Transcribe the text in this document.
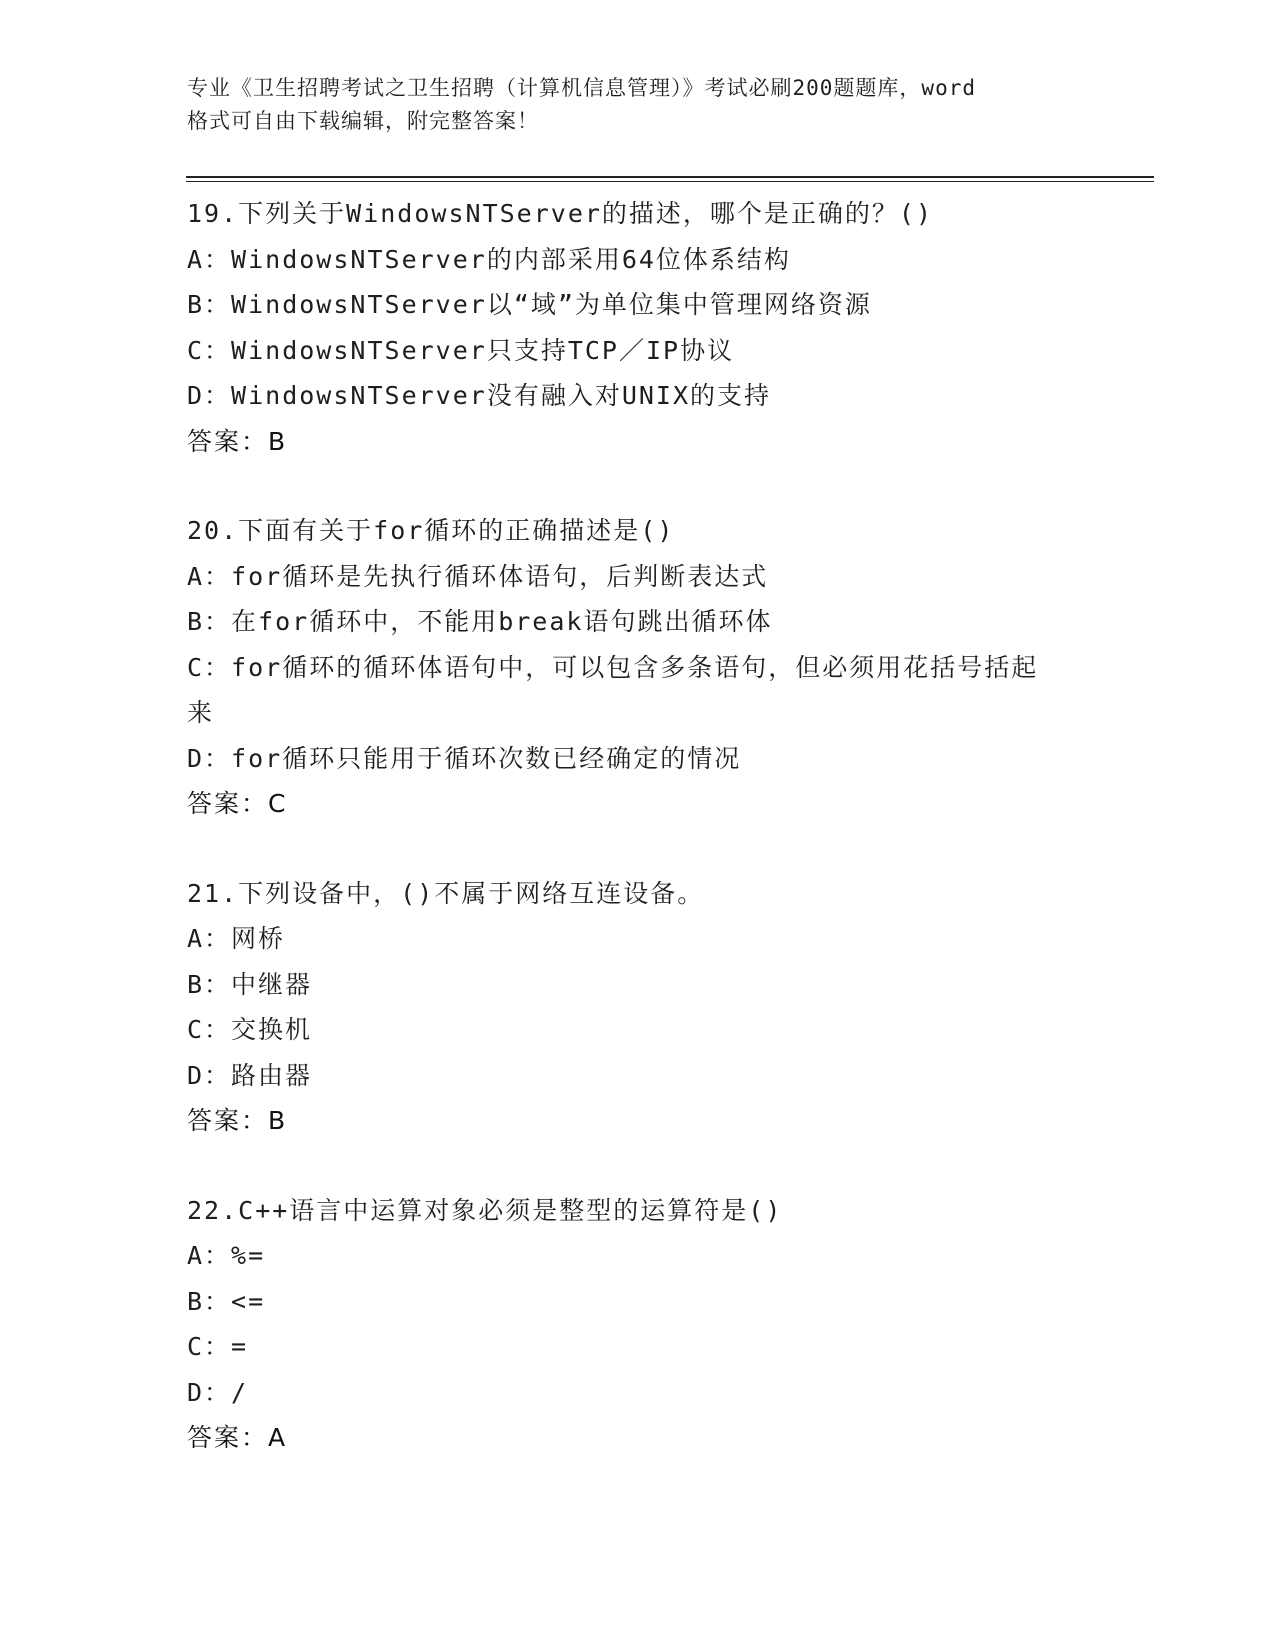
专业《卫生招聘考试之卫生招聘（计算机信息管理）》考试必刷200题题库，word
格式可自由下载编辑，附完整答案！
19.下列关于WindowsNTServer的描述，哪个是正确的？()
A：WindowsNTServer的内部采用64位体系结构
B：WindowsNTServer以“域”为单位集中管理网络资源
C：WindowsNTServer只支持TCP／IP协议
D：WindowsNTServer没有融入对UNIX的支持
答案：B
20.下面有关于for循环的正确描述是()
A：for循环是先执行循环体语句，后判断表达式
B：在for循环中，不能用break语句跳出循环体
C：for循环的循环体语句中，可以包含多条语句，但必须用花括号括起来
D：for循环只能用于循环次数已经确定的情况
答案：C
21.下列设备中，()不属于网络互连设备。
A：网桥
B：中继器
C：交换机
D：路由器
答案：B
22.C++语言中运算对象必须是整型的运算符是()
A：%=
B：<=
C：=
D：/
答案：A
